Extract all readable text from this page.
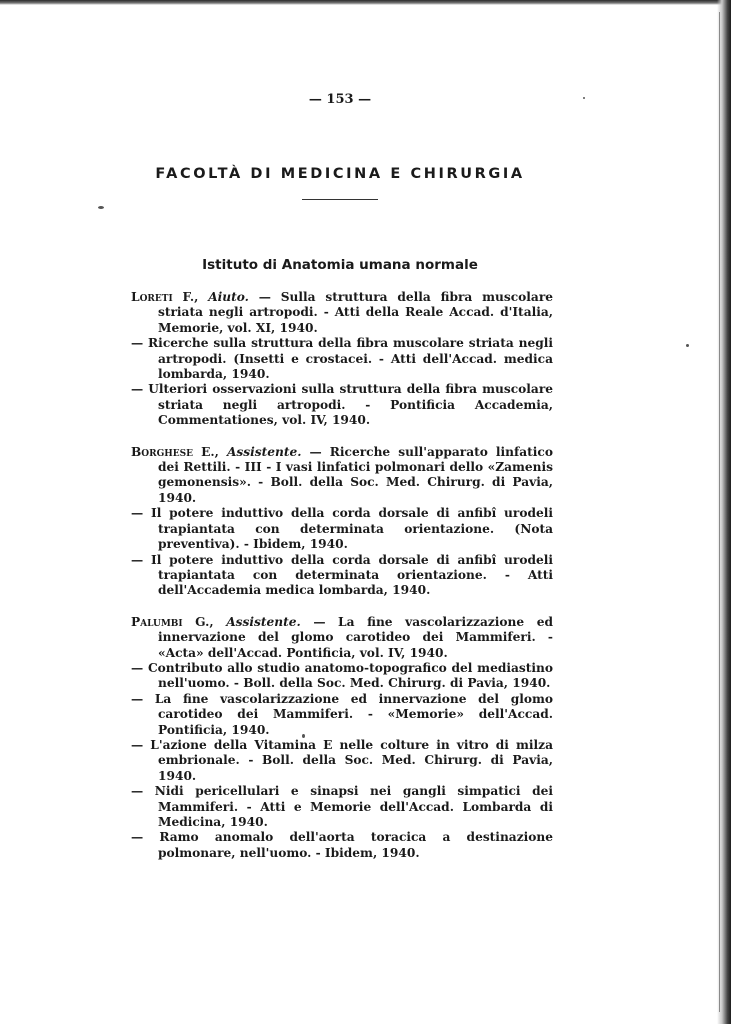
— 153 —
FACOLTÀ DI MEDICINA E CHIRURGIA
Istituto di Anatomia umana normale
Loreti F., Aiuto. — Sulla struttura della fibra muscolare striata negli artropodi. - Atti della Reale Accad. d'Italia, Memorie, vol. XI, 1940.
— Ricerche sulla struttura della fibra muscolare striata negli artropodi. (Insetti e crostacei. - Atti dell'Accad. medica lombarda, 1940.
— Ulteriori osservazioni sulla struttura della fibra muscolare striata negli artropodi. - Pontificia Accademia, Commentationes, vol. IV, 1940.
Borghese E., Assistente. — Ricerche sull'apparato linfatico dei Rettili. - III - I vasi linfatici polmonari dello «Zamenis gemonensis». - Boll. della Soc. Med. Chirurg. di Pavia, 1940.
— Il potere induttivo della corda dorsale di anfibî urodeli trapiantata con determinata orientazione. (Nota preventiva). - Ibidem, 1940.
— Il potere induttivo della corda dorsale di anfibî urodeli trapiantata con determinata orientazione. - Atti dell'Accademia medica lombarda, 1940.
Palumbi G., Assistente. — La fine vascolarizzazione ed innervazione del glomo carotideo dei Mammiferi. - «Acta» dell'Accad. Pontificia, vol. IV, 1940.
— Contributo allo studio anatomo-topografico del mediastino nell'uomo. - Boll. della Soc. Med. Chirurg. di Pavia, 1940.
— La fine vascolarizzazione ed innervazione del glomo carotideo dei Mammiferi. - «Memorie» dell'Accad. Pontificia, 1940.
— L'azione della Vitamina E nelle colture in vitro di milza embrionale. - Boll. della Soc. Med. Chirurg. di Pavia, 1940.
— Nidi pericellulari e sinapsi nei gangli simpatici dei Mammiferi. - Atti e Memorie dell'Accad. Lombarda di Medicina, 1940.
— Ramo anomalo dell'aorta toracica a destinazione polmonare, nell'uomo. - Ibidem, 1940.
